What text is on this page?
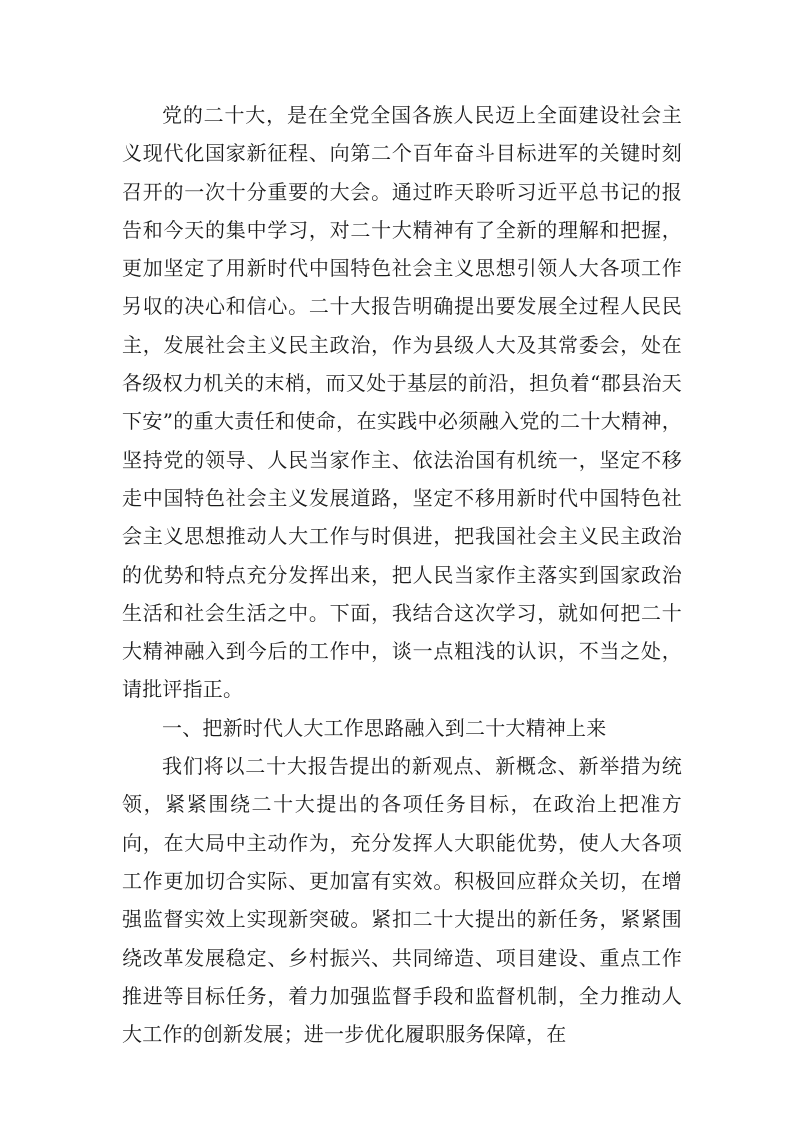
党的二十大，是在全党全国各族人民迈上全面建设社会主义现代化国家新征程、向第二个百年奋斗目标进军的关键时刻召开的一次十分重要的大会。通过昨天聆听习近平总书记的报告和今天的集中学习，对二十大精神有了全新的理解和把握，更加坚定了用新时代中国特色社会主义思想引领人大各项工作另収的决心和信心。二十大报告明确提出要发展全过程人民民主，发展社会主义民主政治，作为县级人大及其常委会，处在各级权力机关的末梢，而又处于基层的前沿，担负着“郡县治天下安”的重大责任和使命，在实践中必须融入党的二十大精神，坚持党的领导、人民当家作主、依法治国有机统一，坚定不移走中国特色社会主义发展道路，坚定不移用新时代中国特色社会主义思想推动人大工作与时俱进，把我国社会主义民主政治的优势和特点充分发挥出来，把人民当家作主落实到国家政治生活和社会生活之中。下面，我结合这次学习，就如何把二十大精神融入到今后的工作中，谈一点粗浅的认识，不当之处，请批评指正。

一、把新时代人大工作思路融入到二十大精神上来

我们将以二十大报告提出的新观点、新概念、新举措为统领，紧紧围绕二十大提出的各项任务目标，在政治上把准方向，在大局中主动作为，充分发挥人大职能优势，使人大各项工作更加切合实际、更加富有实效。积极回应群众关切，在增强监督实效上实现新突破。紧扣二十大提出的新任务，紧紧围绕改革发展稳定、乡村振兴、共同缔造、项目建设、重点工作推进等目标任务，着力加强监督手段和监督机制，全力推动人大工作的创新发展；进一步优化履职服务保障，在
